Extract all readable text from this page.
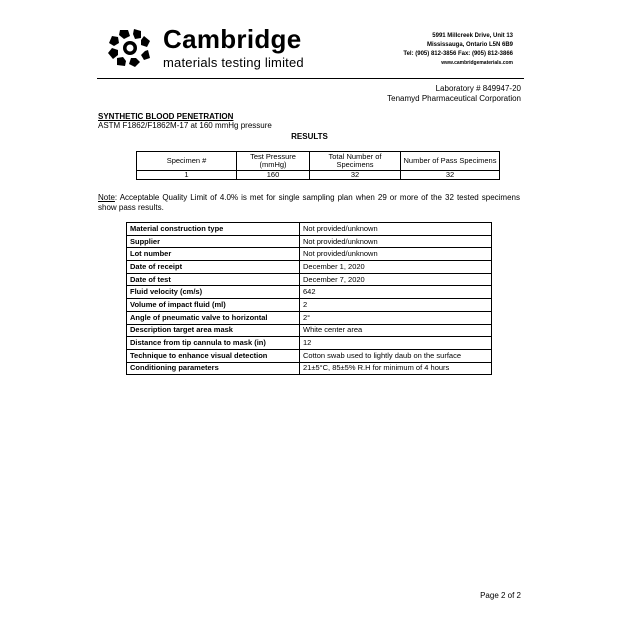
Cambridge
materials testing limited
5991 Millcreek Drive, Unit 13
Mississauga, Ontario L5N 6B9
Tel: (905) 812-3856 Fax: (905) 812-3866
www.cambridgematerials.com
Laboratory # 849947-20
Tenamyd Pharmaceutical Corporation
SYNTHETIC BLOOD PENETRATION
ASTM F1862/F1862M-17 at 160 mmHg pressure
RESULTS
Specimen #	Test Pressure (mmHg)	Total Number of Specimens	Number of Pass Specimens
1	160	32	32
Note: Acceptable Quality Limit of 4.0% is met for single sampling plan when 29 or more of the 32 tested specimens show pass results.
Material construction type	Not provided/unknown
Supplier	Not provided/unknown
Lot number	Not provided/unknown
Date of receipt	December 1, 2020
Date of test	December 7, 2020
Fluid velocity (cm/s)	642
Volume of impact fluid (ml)	2
Angle of pneumatic valve to horizontal	2°
Description target area mask	White center area
Distance from tip cannula to mask (in)	12
Technique to enhance visual detection	Cotton swab used to lightly daub on the surface
Conditioning parameters	21±5°C, 85±5% R.H for minimum of 4 hours
Page 2 of 2
